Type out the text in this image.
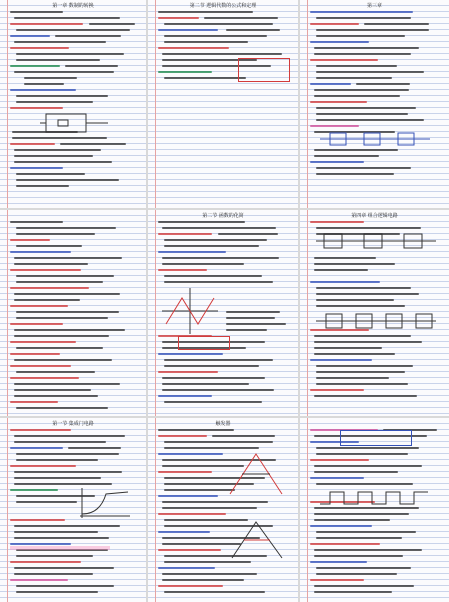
第一章 数制的转换	第二节 逻辑代数的公式和定理	第三章
第二节 函数的化简	第四章 组合逻辑电路
第一节 集成门电路	触发器
